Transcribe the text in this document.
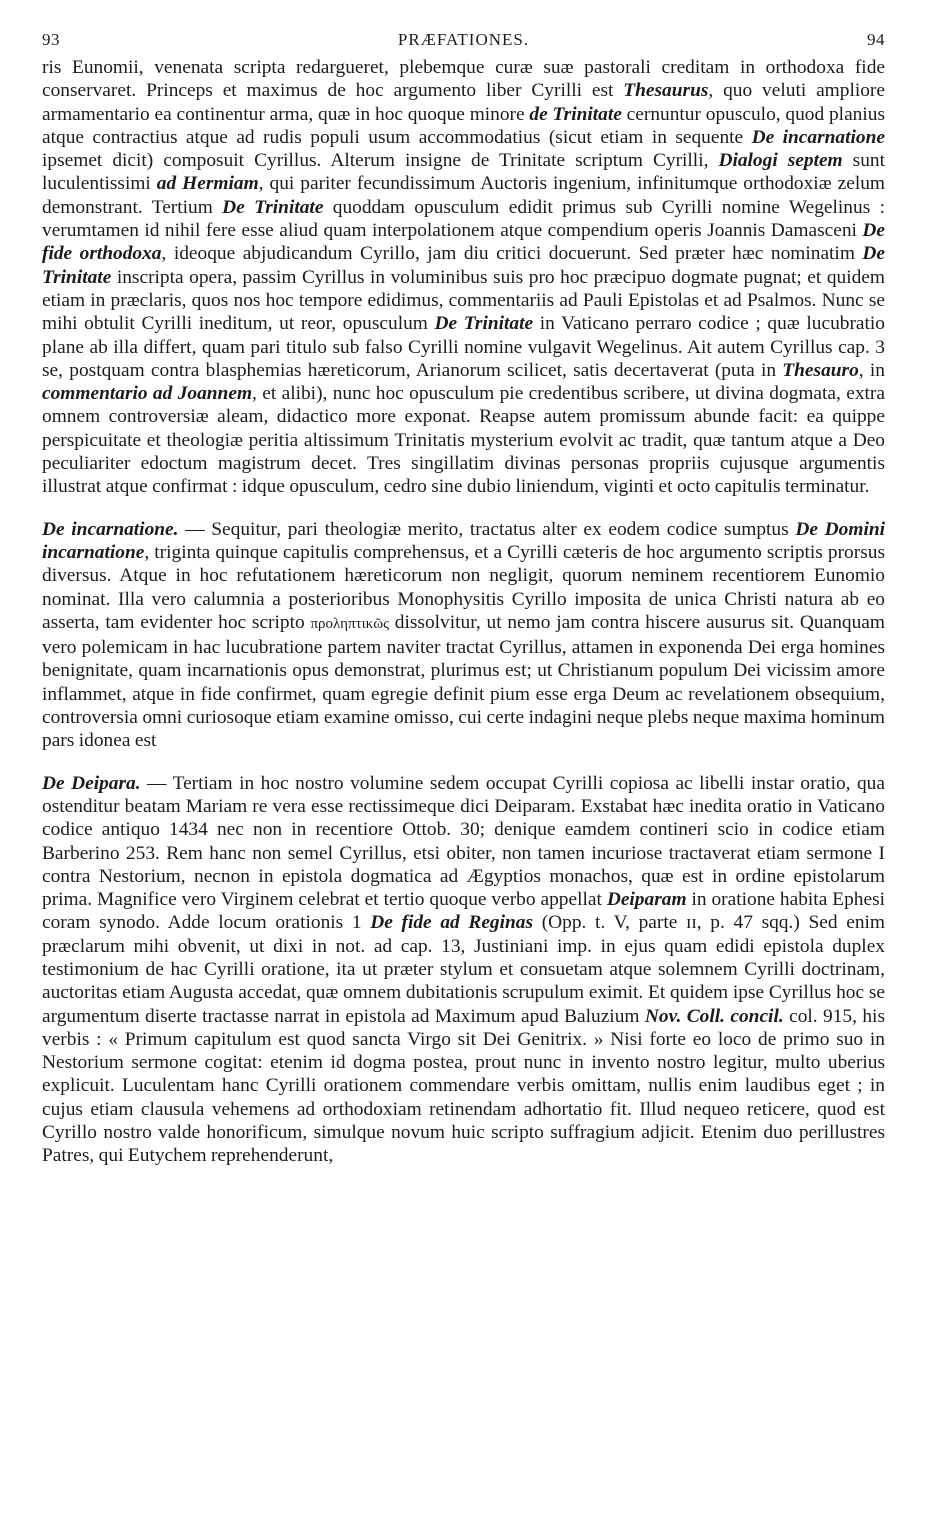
93	PRÆFATIONES.	94

ris Eunomii, venenata scripta redargueret, plebemque curæ suæ pastorali creditam in orthodoxa fide conservaret. Princeps et maximus de hoc argumento liber Cyrilli est Thesaurus, quo veluti ampliore armamentario ea continentur arma, quæ in hoc quoque minore de Trinitate cernuntur opusculo, quod planius atque contractius atque ad rudis populi usum accommodatius (sicut etiam in sequente De incarnatione ipsemet dicit) composuit Cyrillus. Alterum insigne de Trinitate scriptum Cyrilli, Dialogi septem sunt luculentissimi ad Hermiam, qui pariter fecundissimum Auctoris ingenium, infinitumque orthodoxiæ zelum demonstrant. Tertium De Trinitate quoddam opusculum edidit primus sub Cyrilli nomine Wegelinus : verumtamen id nihil fere esse aliud quam interpolationem atque compendium operis Joannis Damasceni De fide orthodoxa, ideoque abjudicandum Cyrillo, jam diu critici docuerunt. Sed præter hæc nominatim De Trinitate inscripta opera, passim Cyrillus in voluminibus suis pro hoc præcipuo dogmate pugnat; et quidem etiam in præclaris, quos nos hoc tempore edidimus, commentariis ad Pauli Epistolas et ad Psalmos. Nunc se mihi obtulit Cyrilli ineditum, ut reor, opusculum De Trinitate in Vaticano perraro codice ; quæ lucubratio plane ab illa differt, quam pari titulo sub falso Cyrilli nomine vulgavit Wegelinus. Ait autem Cyrillus cap. 3 se, postquam contra blasphemias hæreticorum, Arianorum scilicet, satis decertaverat (puta in Thesauro, in commentario ad Joannem, et alibi), nunc hoc opusculum pie credentibus scribere, ut divina dogmata, extra omnem controversiæ aleam, didactico more exponat. Reapse autem promissum abunde facit: ea quippe perspicuitate et theologiæ peritia altissimum Trinitatis mysterium evolvit ac tradit, quæ tantum atque a Deo peculiariter edoctum magistrum decet. Tres singillatim divinas personas propriis cujusque argumentis illustrat atque confirmat : idque opusculum, cedro sine dubio liniendum, viginti et octo capitulis terminatur.

De incarnatione. — Sequitur, pari theologiæ merito, tractatus alter ex eodem codice sumptus De Domini incarnatione, triginta quinque capitulis comprehensus, et a Cyrilli cæteris de hoc argumento scriptis prorsus diversus. Atque in hoc refutationem hæreticorum non negligit, quorum neminem recentiorem Eunomio nominat. Illa vero calumnia a posterioribus Monophysitis Cyrillo imposita de unica Christi natura ab eo asserta, tam evidenter hoc scripto προληπτικῶς dissolvitur, ut nemo jam contra hiscere ausurus sit. Quanquam vero polemicam in hac lucubratione partem naviter tractat Cyrillus, attamen in exponenda Dei erga homines benignitate, quam incarnationis opus demonstrat, plurimus est; ut Christianum populum Dei vicissim amore inflammet, atque in fide confirmet, quam egregie definit pium esse erga Deum ac revelationem obsequium, controversia omni curiosoque etiam examine omisso, cui certe indagini neque plebs neque maxima hominum pars idonea est

De Deipara. — Tertiam in hoc nostro volumine sedem occupat Cyrilli copiosa ac libelli instar oratio, qua ostenditur beatam Mariam re vera esse rectissimeque dici Deiparam. Exstabat hæc inedita oratio in Vaticano codice antiquo 1434 nec non in recentiore Ottob. 30; denique eamdem contineri scio in codice etiam Barberino 253. Rem hanc non semel Cyrillus, etsi obiter, non tamen incuriose tractaverat etiam sermone I contra Nestorium, necnon in epistola dogmatica ad Ægyptios monachos, quæ est in ordine epistolarum prima. Magnifice vero Virginem celebrat et tertio quoque verbo appellat Deiparam in oratione habita Ephesi coram synodo. Adde locum orationis 1 De fide ad Reginas (Opp. t. V, parte ɪɪ, p. 47 sqq.) Sed enim præclarum mihi obvenit, ut dixi in not. ad cap. 13, Justiniani imp. in ejus quam edidi epistola duplex testimonium de hac Cyrilli oratione, ita ut præter stylum et consuetam atque solemnem Cyrilli doctrinam, auctoritas etiam Augusta accedat, quæ omnem dubitationis scrupulum eximit. Et quidem ipse Cyrillus hoc se argumentum diserte tractasse narrat in epistola ad Maximum apud Baluzium Nov. Coll. concil. col. 915, his verbis : « Primum capitulum est quod sancta Virgo sit Dei Genitrix. » Nisi forte eo loco de primo suo in Nestorium sermone cogitat: etenim id dogma postea, prout nunc in invento nostro legitur, multo uberius explicuit. Luculentam hanc Cyrilli orationem commendare verbis omittam, nullis enim laudibus eget ; in cujus etiam clausula vehemens ad orthodoxiam retinendam adhortatio fit. Illud nequeo reticere, quod est Cyrillo nostro valde honorificum, simulque novum huic scripto suffragium adjicit. Etenim duo perillustres Patres, qui Eutychem reprehenderunt,
